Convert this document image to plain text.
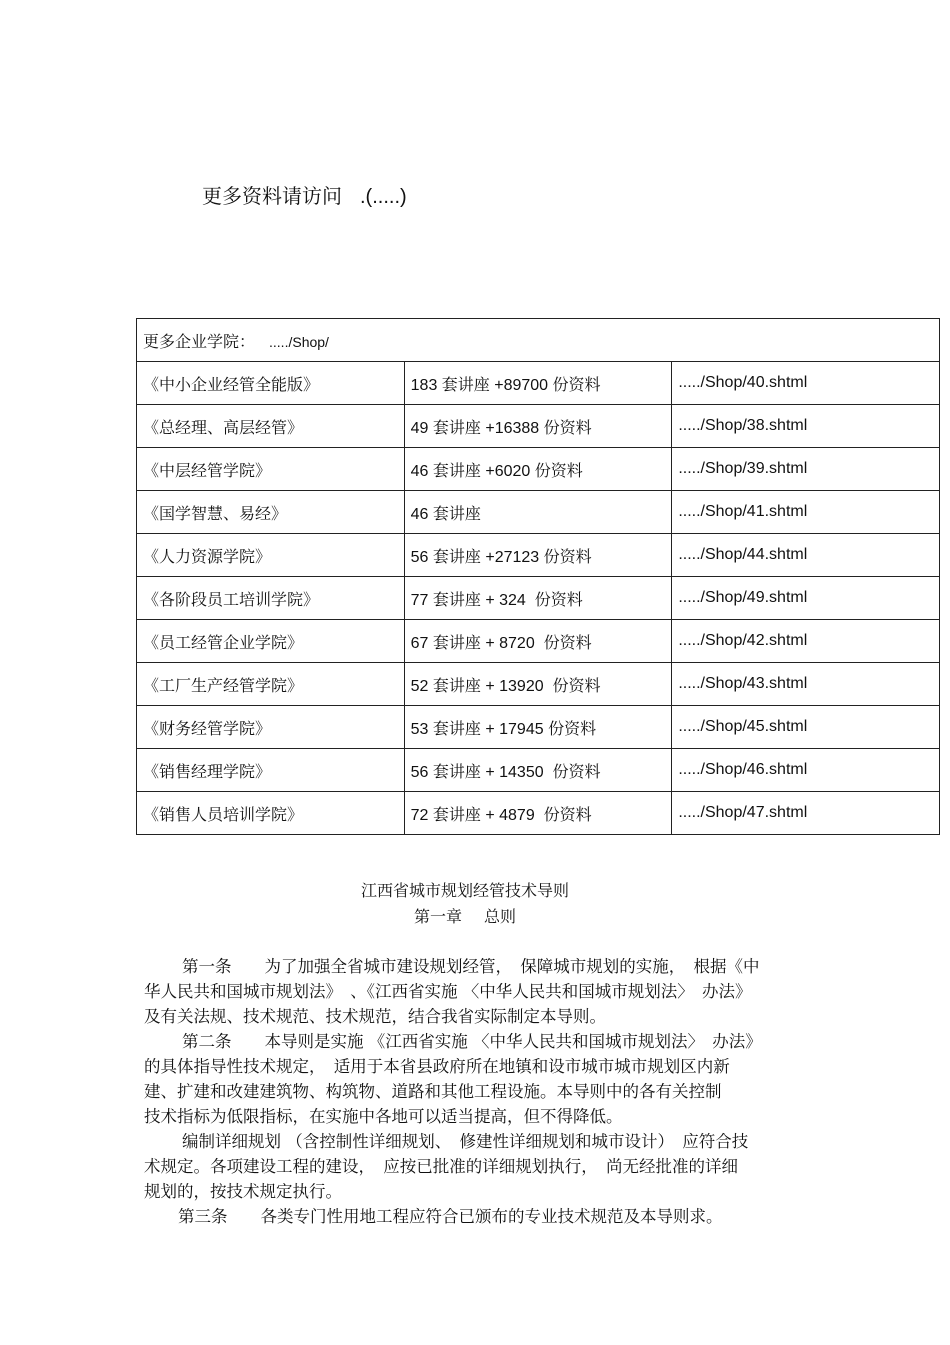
更多资料请访问 .(.....)
更多企业学院： ...../Shop/		
《中小企业经管全能版》	183 套讲座 +89700 份资料	...../Shop/40.shtml
《总经理、高层经管》	49 套讲座 +16388 份资料	...../Shop/38.shtml
《中层经管学院》	46 套讲座 +6020 份资料	...../Shop/39.shtml
《国学智慧、易经》	46 套讲座	...../Shop/41.shtml
《人力资源学院》	56 套讲座 +27123 份资料	...../Shop/44.shtml
《各阶段员工培训学院》	77 套讲座 + 324  份资料	...../Shop/49.shtml
《员工经管企业学院》	67 套讲座 + 8720  份资料	...../Shop/42.shtml
《工厂生产经管学院》	52 套讲座 + 13920  份资料	...../Shop/43.shtml
《财务经管学院》	53 套讲座 + 17945 份资料	...../Shop/45.shtml
《销售经理学院》	56 套讲座 + 14350  份资料	...../Shop/46.shtml
《销售人员培训学院》	72 套讲座 + 4879  份资料	...../Shop/47.shtml
江西省城市规划经管技术导则
第一章 总则
第一条　　为了加强全省城市建设规划经管，　保障城市规划的实施，　根据《中
华人民共和国城市规划法》　、《江西省实施 〈中华人民共和国城市规划法〉　办法》
及有关法规、技术规范、技术规范，结合我省实际制定本导则。
第二条　　本导则是实施 《江西省实施 〈中华人民共和国城市规划法〉　办法》
的具体指导性技术规定，　适用于本省县政府所在地镇和设市城市城市规划区内新
建、扩建和改建建筑物、构筑物、道路和其他工程设施。本导则中的各有关控制
技术指标为低限指标，在实施中各地可以适当提高，但不得降低。
编制详细规划 （含控制性详细规划、　修建性详细规划和城市设计）　应符合技
术规定。各项建设工程的建设，　应按已批准的详细规划执行，　尚无经批准的详细
规划的，按技术规定执行。
第三条　　各类专门性用地工程应符合已颁布的专业技术规范及本导则求。
